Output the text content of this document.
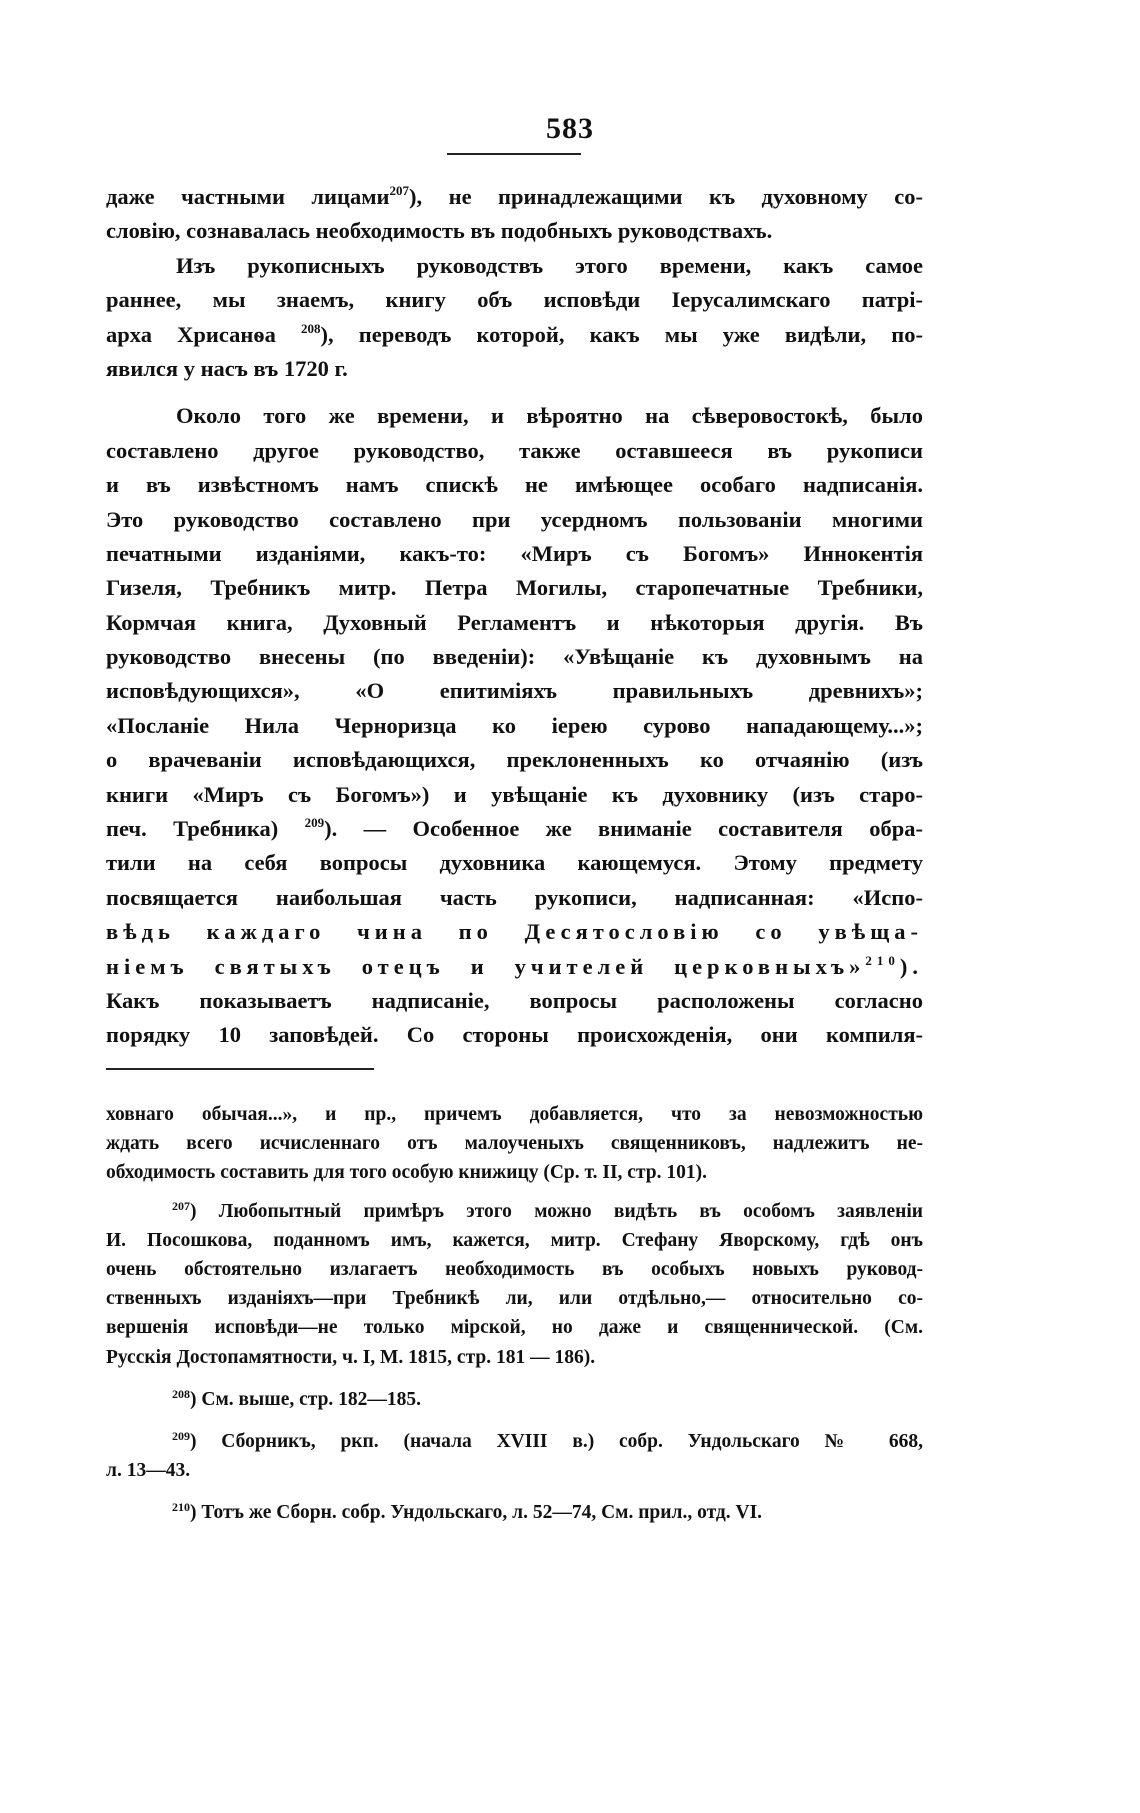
583
даже частными лицами$^{207}$), не принадлежащими къ духовному со-
словію, сознавалась необходимость въ подобныхъ руководствахъ.
Изъ рукописныхъ руководствъ этого времени, какъ самое
раннее, мы знаемъ, книгу объ исповѣди Іерусалимскаго патрі-
арха Хрисанѳа $^{208}$), переводъ которой, какъ мы уже видѣли, по-
явился у насъ въ 1720 г.
Около того же времени, и вѣроятно на сѣверовостокѣ, было
составлено другое руководство, также оставшееся въ рукописи
и въ извѣстномъ намъ спискѣ не имѣющее особаго надписанія.
Это руководство составлено при усердномъ пользованіи многими
печатными изданіями, какъ-то: «Миръ съ Богомъ» Иннокентія
Гизеля, Требникъ митр. Петра Могилы, старопечатные Требники,
Кормчая книга, Духовный Регламентъ и нѣкоторыя другія. Въ
руководство внесены (по введеніи): «Увѣщаніе къ духовнымъ на
исповѣдующихся», «О епитиміяхъ правильныхъ древнихъ»;
«Посланіе Нила Черноризца ко іерею сурово нападающему...»;
о врачеваніи исповѣдающихся, преклоненныхъ ко отчаянію (изъ
книги «Миръ съ Богомъ») и увѣщаніе къ духовнику (изъ старо-
печ. Требника) $^{209}$). — Особенное же вниманіе составителя обра-
тили на себя вопросы духовника кающемуся. Этому предмету
посвящается наибольшая часть рукописи, надписанная: «Испо-
вѣдь каждаго чина по Десятословію со увѣща-
ніемъ святыхъ отецъ и учителей церковныхъ»$^{210}$).
Какъ показываетъ надписаніе, вопросы расположены согласно
порядку 10 заповѣдей. Со стороны происхожденія, они компиля-
ховнаго обычая...», и пр., причемъ добавляется, что за невозможностью
ждать всего исчисленнаго отъ малоученыхъ священниковъ, надлежитъ не-
обходимость составить для того особую книжицу (Ср. т. II, стр. 101).
$^{207}$) Любопытный примѣръ этого можно видѣть въ особомъ заявленіи
И. Посошкова, поданномъ имъ, кажется, митр. Стефану Яворскому, гдѣ онъ
очень обстоятельно излагаетъ необходимость въ особыхъ новыхъ руковод-
ственныхъ изданіяхъ—при Требникѣ ли, или отдѣльно,— относительно со-
вершенія исповѣди—не только мірской, но даже и священнической. (См.
Русскія Достопамятности, ч. I, М. 1815, стр. 181 — 186).
$^{208}$) См. выше, стр. 182—185.
$^{209}$) Сборникъ, ркп. (начала XVIII в.) собр. Ундольскаго № 668,
л. 13—43.
$^{210}$) Тотъ же Сборн. собр. Ундольскаго, л. 52—74, См. прил., отд. VI.
